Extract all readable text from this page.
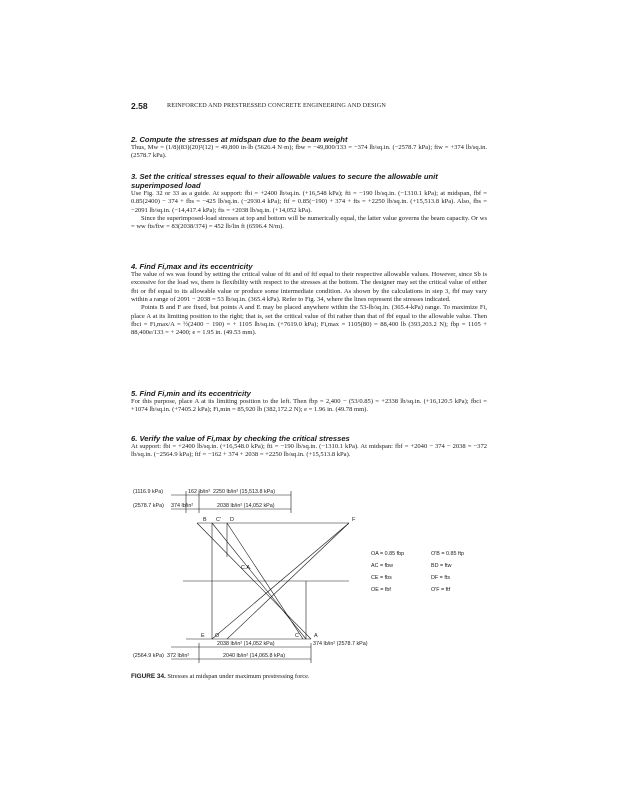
2.58	REINFORCED AND PRESTRESSED CONCRETE ENGINEERING AND DESIGN
2. Compute the stresses at midspan due to the beam weight

Thus, Mw = (1/8)(83)(20)²(12) = 49,800 in·lb (5626.4 N·m); fbw = −49,800/133 = −374 lb/sq.in. (−2578.7 kPa); ftw = +374 lb/sq.in. (2578.7 kPa).

3. Set the critical stresses equal to their allowable values to secure the allowable unit superimposed load

Use Fig. 32 or 33 as a guide. At support: fbi = +2400 lb/sq.in. (+16,548 kPa); fti = −190 lb/sq.in. (−1310.1 kPa); at midspan, fbf = 0.85(2400) − 374 + fbs = −425 lb/sq.in. (−2930.4 kPa); ftf = 0.85(−190) + 374 + fts = +2250 lb/sq.in. (+15,513.8 kPa). Also, fbs = −2091 lb/sq.in. (−14,417.4 kPa); fts = +2038 lb/sq.in. (+14,052 kPa).

Since the superimposed-load stresses at top and bottom will be numerically equal, the latter value governs the beam capacity. Or ws = ww fts/ftw = 83(2038/374) = 452 lb/lin ft (6596.4 N/m).

4. Find Fi,max and its eccentricity

The value of ws was found by setting the critical value of fti and of ftf equal to their respective allowable values. However, since Sb is excessive for the load ws, there is flexibility with respect to the stresses at the bottom. The designer may set the critical value of either fbi or fbf equal to its allowable value or produce some intermediate condition. As shown by the calculations in step 3, fbf may vary within a range of 2091 − 2038 = 53 lb/sq.in. (365.4 kPa). Refer to Fig. 34, where the lines represent the stresses indicated.

Points B and F are fixed, but points A and E may be placed anywhere within the 53-lb/sq.in. (365.4-kPa) range. To maximize Fi, place A at its limiting position to the right; that is, set the critical value of fbi rather than that of fbf equal to the allowable value. Then fbci = Fi,max/A = ½(2400 − 190) = + 1105 lb/sq.in. (+7619.0 kPa); Fi,max = 1105(80) = 88,400 lb (393,203.2 N); fbp = 1105 + 88,400e/133 = + 2400; e = 1.95 in. (49.53 mm).

5. Find Fi,min and its eccentricity

For this purpose, place A at its limiting position to the left. Then fbp = 2,400 − (53/0.85) = +2338 lb/sq.in. (+16,120.5 kPa); fbci = +1074 lb/sq.in. (+7405.2 kPa); Fi,min = 85,920 lb (382,172.2 N); e = 1.96 in. (49.78 mm).

6. Verify the value of Fi,max by checking the critical stresses

At support: fbi = +2400 lb/sq.in. (+16,548.0 kPa); fti = −190 lb/sq.in. (−1310.1 kPa). At midspan: fbf = +2040 − 374 − 2038 = −372 lb/sq.in. (−2564.9 kPa); ftf = −162 + 374 + 2038 = +2250 lb/sq.in. (+15,513.8 kPa).

(1116.9 kPa)	162 lb/in² 2250 lb/in² (15,513.8 kPa)
(2578.7 kPa) 374 lb/in²	2038 lb/in² (14,052 kPa)
B C' D	F
E O	C	A
C.A.
OA = 0.85 fbp
AC = fbw
CE = fbs
OE = fbf
O'B = 0.85 ftp
BD = ftw
DF = fts
O'F = ftf
2038 lb/in² (14,052 kPa)	374 lb/in² (2578.7 kPa)
(2564.9 kPa) 372 lb/in²	2040 lb/in² (14,065.8 kPa)
FIGURE 34. Stresses at midspan under maximum prestressing force.
